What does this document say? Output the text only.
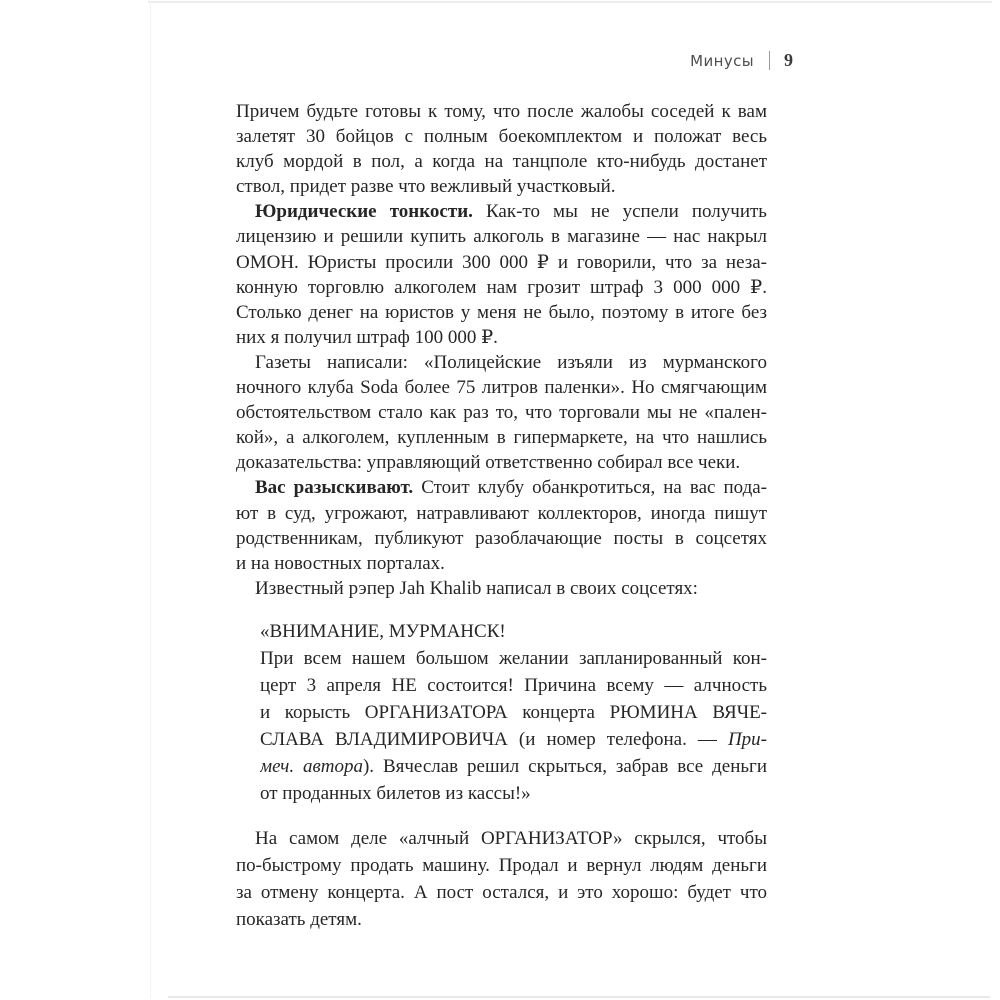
Минусы 9
Причем будьте готовы к тому, что после жалобы соседей к вам
залетят 30 бойцов с полным боекомплектом и положат весь
клуб мордой в пол, а когда на танцполе кто-нибудь достанет
ствол, придет разве что вежливый участковый.
Юридические тонкости. Как-то мы не успели получить
лицензию и решили купить алкоголь в магазине — нас накрыл
ОМОН. Юристы просили 300 000 ₽ и говорили, что за неза-
конную торговлю алкоголем нам грозит штраф 3 000 000 ₽.
Столько денег на юристов у меня не было, поэтому в итоге без
них я получил штраф 100 000 ₽.
Газеты написали: «Полицейские изъяли из мурманского
ночного клуба Soda более 75 литров паленки». Но смягчающим
обстоятельством стало как раз то, что торговали мы не «пален-
кой», а алкоголем, купленным в гипермаркете, на что нашлись
доказательства: управляющий ответственно собирал все чеки.
Вас разыскивают. Стоит клубу обанкротиться, на вас пода-
ют в суд, угрожают, натравливают коллекторов, иногда пишут
родственникам, публикуют разоблачающие посты в соцсетях
и на новостных порталах.
Известный рэпер Jah Khalib написал в своих соцсетях:
«ВНИМАНИЕ, МУРМАНСК!
При всем нашем большом желании запланированный кон-
церт 3 апреля НЕ состоится! Причина всему — алчность
и корысть ОРГАНИЗАТОРА концерта РЮМИНА ВЯЧЕ-
СЛАВА ВЛАДИМИРОВИЧА (и номер телефона. — При-
меч. автора). Вячеслав решил скрыться, забрав все деньги
от проданных билетов из кассы!»
На самом деле «алчный ОРГАНИЗАТОР» скрылся, чтобы
по-быстрому продать машину. Продал и вернул людям деньги
за отмену концерта. А пост остался, и это хорошо: будет что
показать детям.
